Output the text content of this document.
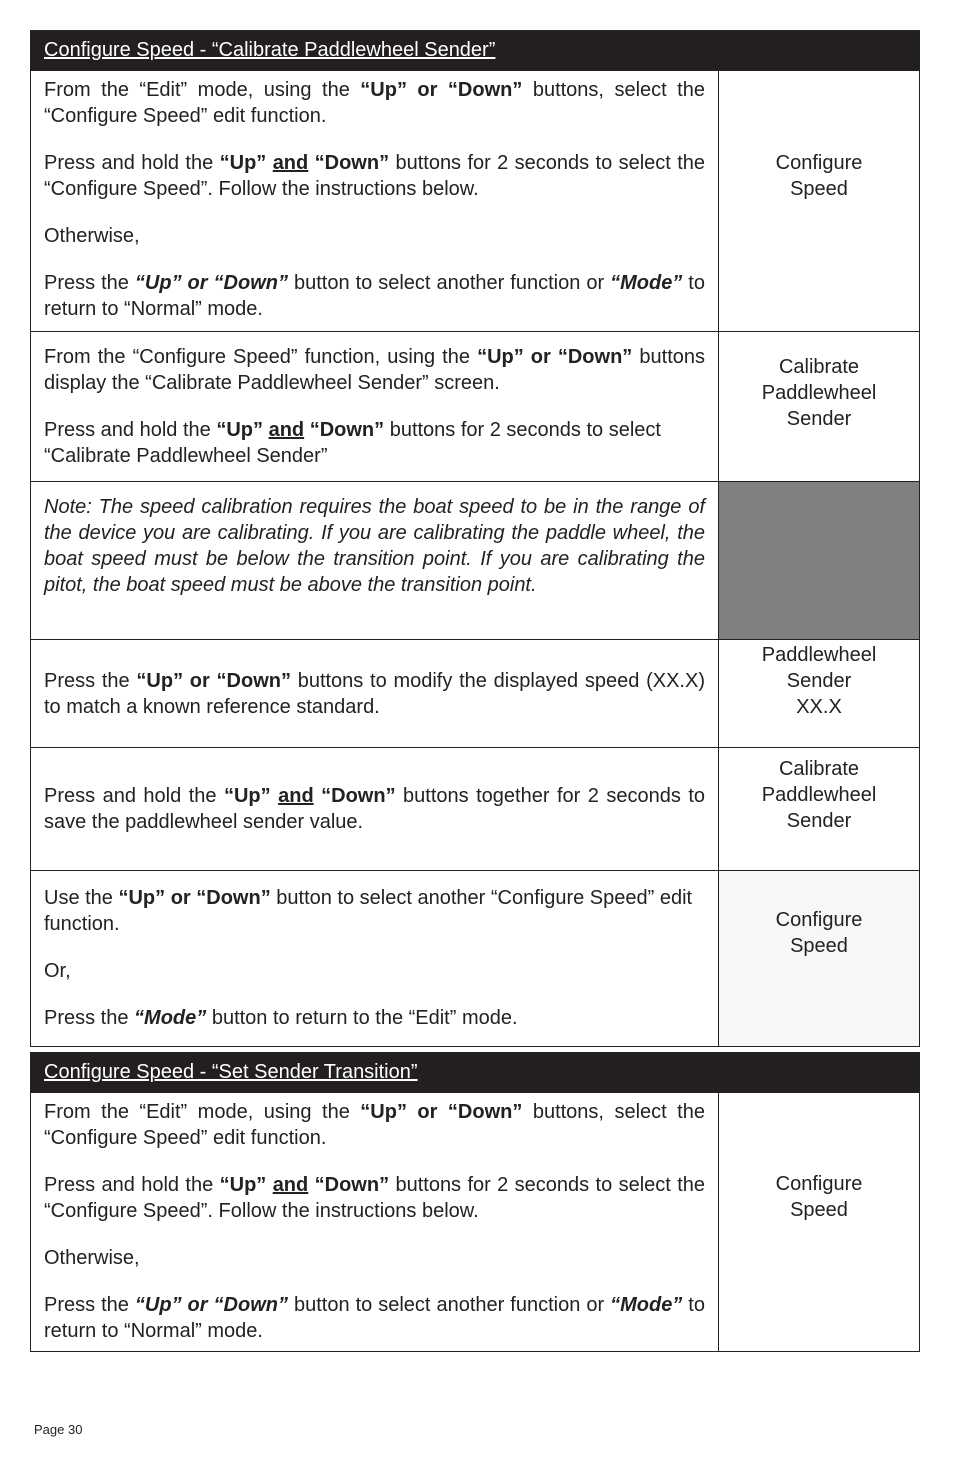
Configure Speed - “Calibrate Paddlewheel Sender”

From the “Edit” mode, using the “Up” or “Down” buttons, select the “Configure Speed” edit function.

Press and hold the “Up” and “Down” buttons for 2 seconds to select the “Configure Speed”. Follow the instructions below.

Otherwise,

Press the “Up” or “Down” button to select another function or “Mode” to return to “Normal” mode.

Configure
Speed

From the “Configure Speed” function, using the “Up” or “Down” buttons display the “Calibrate Paddlewheel Sender” screen.

Press and hold the “Up” and “Down” buttons for 2 seconds to select “Calibrate Paddlewheel Sender”

Calibrate
Paddlewheel
Sender

Note: The speed calibration requires the boat speed to be in the range of the device you are calibrating. If you are calibrating the paddle wheel, the boat speed must be below the transition point. If you are calibrating the pitot, the boat speed must be above the transition point.

Press the “Up” or “Down” buttons to modify the displayed speed (XX.X) to match a known reference standard.

Paddlewheel
Sender
XX.X

Press and hold the “Up” and “Down” buttons together for 2 seconds to save the paddlewheel sender value.

Calibrate
Paddlewheel
Sender

Use the “Up” or “Down” button to select another “Configure Speed” edit function.

Or,

Press the “Mode” button to return to the “Edit” mode.

Configure
Speed
Configure Speed - “Set Sender Transition”

From the “Edit” mode, using the “Up” or “Down” buttons, select the “Configure Speed” edit function.

Press and hold the “Up” and “Down” buttons for 2 seconds to select the “Configure Speed”. Follow the instructions below.

Otherwise,

Press the “Up” or “Down” button to select another function or “Mode” to return to “Normal” mode.

Configure
Speed
Page 30
